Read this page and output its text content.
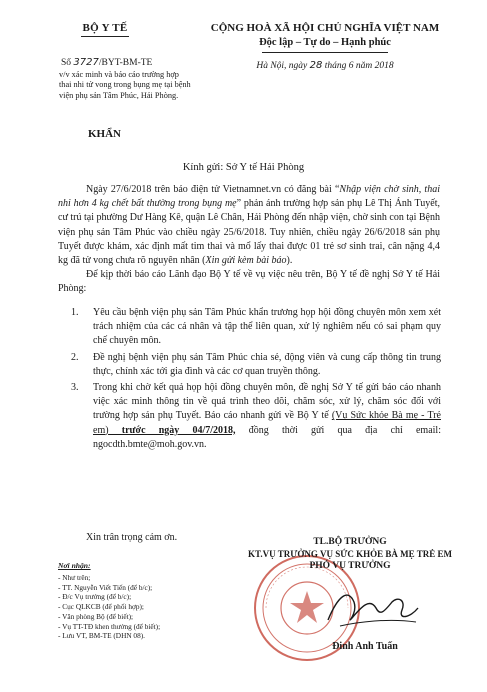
BỘ Y TẾ
Số 3727/BYT-BM-TE
v/v xác minh và báo cáo trường hợp thai nhi tử vong trong bụng mẹ tại bệnh viện phụ sản Tâm Phúc, Hải Phòng.
CỘNG HOÀ XÃ HỘI CHỦ NGHĨA VIỆT NAM
Độc lập – Tự do – Hạnh phúc
Hà Nội, ngày 28 tháng 6 năm 2018
KHẨN
Kính gửi: Sở Y tế Hải Phòng

Ngày 27/6/2018 trên báo điện tử Vietnamnet.vn có đăng bài “Nhập viện chờ sinh, thai nhi hơn 4 kg chết bất thường trong bụng mẹ” phản ánh trường hợp sản phụ Lê Thị Ánh Tuyết, cư trú tại phường Dư Hàng Kê, quận Lê Chân, Hải Phòng đến nhập viện, chờ sinh con tại Bệnh viện phụ sản Tâm Phúc vào chiều ngày 25/6/2018. Tuy nhiên, chiều ngày 26/6/2018 sản phụ Tuyết được khám, xác định mất tim thai và mổ lấy thai được 01 trẻ sơ sinh trai, cân nặng 4,4 kg đã tử vong chưa rõ nguyên nhân (Xin gửi kèm bài báo).

Để kịp thời báo cáo Lãnh đạo Bộ Y tế về vụ việc nêu trên, Bộ Y tế đề nghị Sở Y tế Hải Phòng:

1. Yêu cầu bệnh viện phụ sản Tâm Phúc khẩn trương họp hội đồng chuyên môn xem xét trách nhiệm của các cá nhân và tập thể liên quan, xử lý nghiêm nếu có sai phạm quy chế chuyên môn.
2. Đề nghị bệnh viện phụ sản Tâm Phúc chia sẻ, động viên và cung cấp thông tin trung thực, chính xác tới gia đình và các cơ quan truyền thông.
3. Trong khi chờ kết quả họp hội đồng chuyên môn, đề nghị Sở Y tế gửi báo cáo nhanh việc xác minh thông tin về quá trình theo dõi, chăm sóc, xử lý, chăm sóc đối với trường hợp sản phụ Tuyết. Báo cáo nhanh gửi về Bộ Y tế (Vụ Sức khỏe Bà mẹ - Trẻ em) trước ngày 04/7/2018, đồng thời gửi qua địa chỉ email: ngocdth.bmte@moh.gov.vn.
Xin trân trọng cảm ơn.
Nơi nhận:
- Như trên;
- TT. Nguyễn Viết Tiến (để b/c);
- Đ/c Vụ trưởng (để b/c);
- Cục QLKCB (để phối hợp);
- Văn phòng Bộ (để biết);
- Vụ TT-TĐ khen thưởng (để biết);
- Lưu VT, BM-TE (DHN 08).
TL.BỘ TRƯỞNG
KT.VỤ TRƯỞNG VỤ SỨC KHỎE BÀ MẸ TRẺ EM
PHÓ VỤ TRƯỞNG
Đinh Anh Tuấn
